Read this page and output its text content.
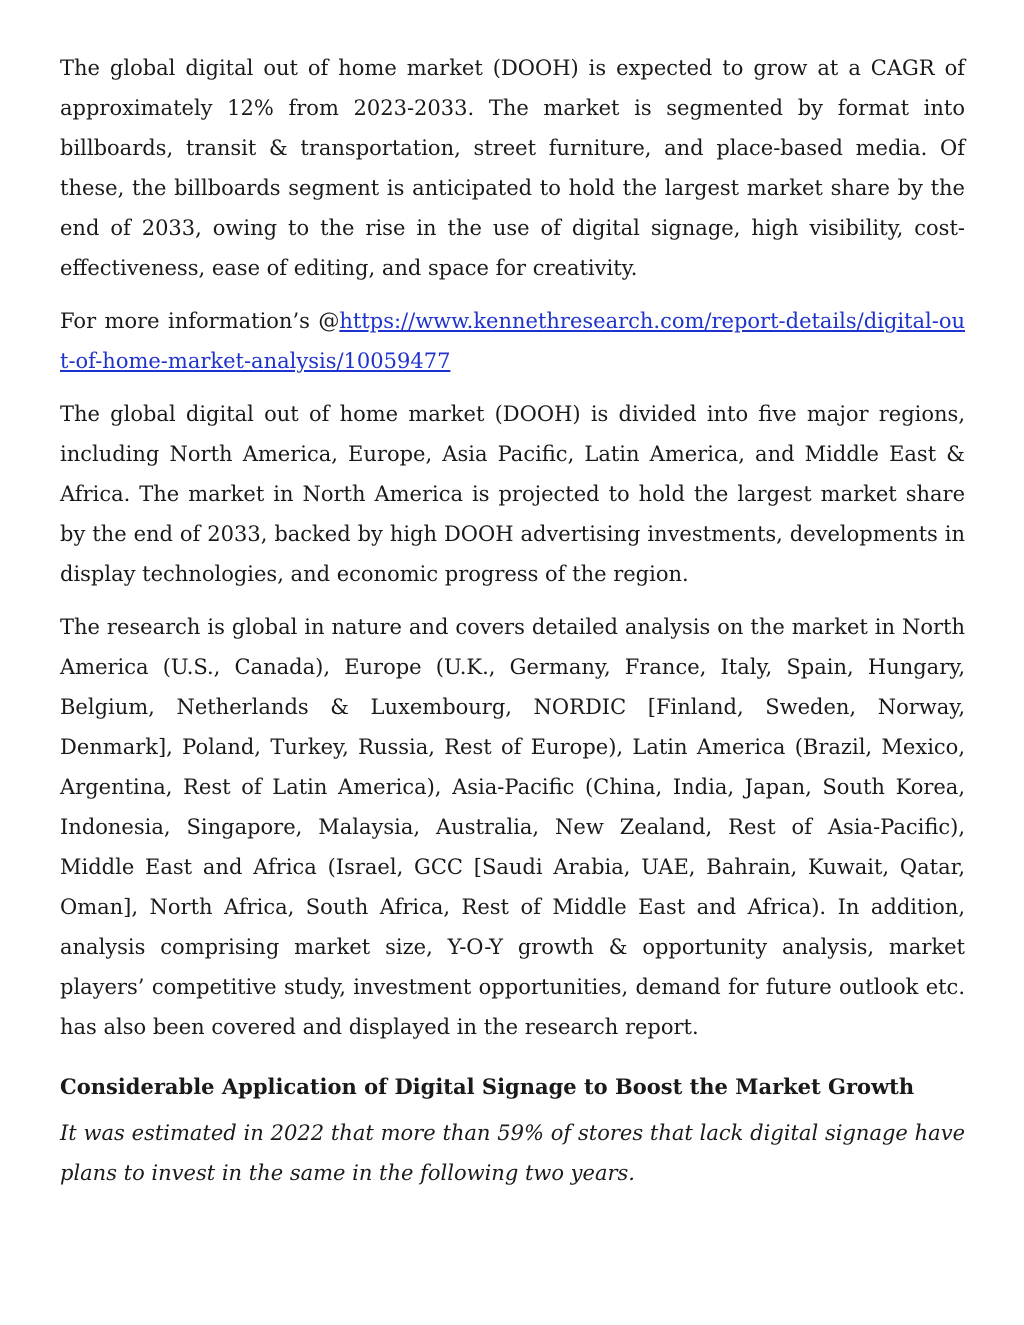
The global digital out of home market (DOOH) is expected to grow at a CAGR of approximately 12% from 2023-2033. The market is segmented by format into billboards, transit & transportation, street furniture, and place-based media. Of these, the billboards segment is anticipated to hold the largest market share by the end of 2033, owing to the rise in the use of digital signage, high visibility, cost-effectiveness, ease of editing, and space for creativity.

For more information’s @https://www.kennethresearch.com/report-details/digital-out-of-home-market-analysis/10059477

The global digital out of home market (DOOH) is divided into five major regions, including North America, Europe, Asia Pacific, Latin America, and Middle East & Africa. The market in North America is projected to hold the largest market share by the end of 2033, backed by high DOOH advertising investments, developments in display technologies, and economic progress of the region.

The research is global in nature and covers detailed analysis on the market in North America (U.S., Canada), Europe (U.K., Germany, France, Italy, Spain, Hungary, Belgium, Netherlands & Luxembourg, NORDIC [Finland, Sweden, Norway, Denmark], Poland, Turkey, Russia, Rest of Europe), Latin America (Brazil, Mexico, Argentina, Rest of Latin America), Asia-Pacific (China, India, Japan, South Korea, Indonesia, Singapore, Malaysia, Australia, New Zealand, Rest of Asia-Pacific), Middle East and Africa (Israel, GCC [Saudi Arabia, UAE, Bahrain, Kuwait, Qatar, Oman], North Africa, South Africa, Rest of Middle East and Africa). In addition, analysis comprising market size, Y-O-Y growth & opportunity analysis, market players’ competitive study, investment opportunities, demand for future outlook etc. has also been covered and displayed in the research report.

Considerable Application of Digital Signage to Boost the Market Growth

It was estimated in 2022 that more than 59% of stores that lack digital signage have plans to invest in the same in the following two years.
